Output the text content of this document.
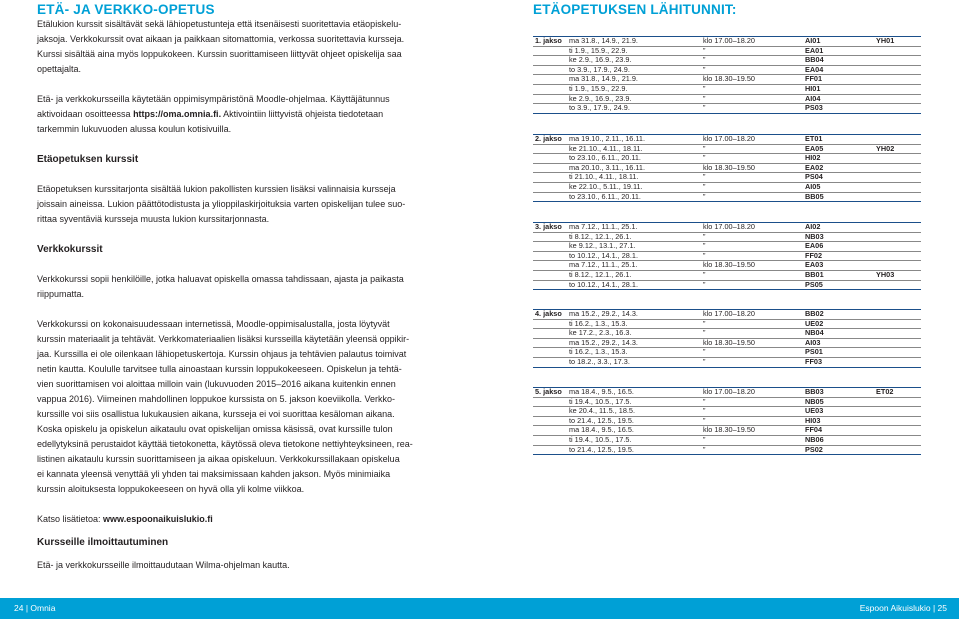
ETÄ- JA VERKKO-OPETUS

Etälukion kurssit sisältävät sekä lähiopetustunteja että itsenäisesti suoritettavia etäopiskelu-
jaksoja. Verkkokurssit ovat aikaan ja paikkaan sitomattomia, verkossa suoritettavia kursseja.
Kurssi sisältää aina myös loppukokeen. Kurssin suorittamiseen liittyvät ohjeet opiskelija saa
opettajalta.

Etä- ja verkkokursseilla käytetään oppimisympäristönä Moodle-ohjelmaa. Käyttäjätunnus
aktivoidaan osoitteessa https://oma.omnia.fi. Aktivointiin liittyvistä ohjeista tiedotetaan
tarkemmin lukuvuoden alussa koulun kotisivuilla.

Etäopetuksen kurssit

Etäopetuksen kurssitarjonta sisältää lukion pakollisten kurssien lisäksi valinnaisia kursseja
joissain aineissa. Lukion päättötodistusta ja ylioppilaskirjoituksia varten opiskelijan tulee suo-
rittaa syventäviä kursseja muusta lukion kurssitarjonnasta.

Verkkokurssit

Verkkokurssi sopii henkilöille, jotka haluavat opiskella omassa tahdissaan, ajasta ja paikasta
riippumatta.

Verkkokurssi on kokonaisuudessaan internetissä, Moodle-oppimisalustalla, josta löytyvät
kurssin materiaalit ja tehtävät. Verkkomateriaalien lisäksi kursseilla käytetään yleensä oppikir-
jaa. Kurssilla ei ole oilenkaan lähiopetuskertoja. Kurssin ohjaus ja tehtävien palautus toimivat
netin kautta. Koululle tarvitsee tulla ainoastaan kurssin loppukokeeseen. Opiskelun ja tehtä-
vien suorittamisen voi aloittaa milloin vain (lukuvuoden 2015–2016 aikana kuitenkin ennen
vappua 2016). Viimeinen mahdollinen loppukoe kurssista on 5. jakson koeviikolla. Verkko-
kurssille voi siis osallistua lukukausien aikana, kursseja ei voi suorittaa kesäloman aikana.
Koska opiskelu ja opiskelun aikataulu ovat opiskelijan omissa käsissä, ovat kurssille tulon
edellytyksinä perustaidot käyttää tietokonetta, käytössä oleva tietokone nettiyhteyksineen, rea-
listinen aikataulu kurssin suorittamiseen ja aikaa opiskeluun. Verkkokurssillakaan opiskelua
ei kannata yleensä venyttää yli yhden tai maksimissaan kahden jakson. Myös minimiaika
kurssin aloituksesta loppukokeeseen on hyvä olla yli kolme viikkoa.

Katso lisätietoa: www.espoonaikuislukio.fi

Kursseille ilmoittautuminen

Etä- ja verkkokursseille ilmoittaudutaan Wilma-ohjelman kautta.

ETÄOPETUKSEN LÄHITUNNIT:
1. jakso ma 31.8., 14.9., 21.9.	klo 17.00–18.20	AI01	YH01
ti 1.9., 15.9., 22.9.	”	EA01
ke 2.9., 16.9., 23.9.	”	BB04
to 3.9., 17.9., 24.9.	”	EA04
ma 31.8., 14.9., 21.9.	klo 18.30–19.50	FF01
ti 1.9., 15.9., 22.9.	”	HI01
ke 2.9., 16.9., 23.9.	”	AI04
to 3.9., 17.9., 24.9.	”	PS03
2. jakso ma 19.10., 2.11., 16.11.	klo 17.00–18.20	ET01
ke 21.10., 4.11., 18.11.	”	EA05	YH02
to 23.10., 6.11., 20.11.	”	HI02
ma 20.10., 3.11., 16.11.	klo 18.30–19.50	EA02
ti 21.10., 4.11., 18.11.	”	PS04
ke 22.10., 5.11., 19.11.	”	AI05
to 23.10., 6.11., 20.11.	”	BB05
3. jakso ma 7.12., 11.1., 25.1.	klo 17.00–18.20	AI02
ti 8.12., 12.1., 26.1.	”	NB03
ke 9.12., 13.1., 27.1.	”	EA06
to 10.12., 14.1., 28.1.	”	FF02
ma 7.12., 11.1., 25.1.	klo 18.30–19.50	EA03
ti 8.12., 12.1., 26.1.	”	BB01	YH03
to 10.12., 14.1., 28.1.	”	PS05
4. jakso ma 15.2., 29.2., 14.3.	klo 17.00–18.20	BB02
ti 16.2., 1.3., 15.3.	”	UE02
ke 17.2., 2.3., 16.3.	”	NB04
ma 15.2., 29.2., 14.3.	klo 18.30–19.50	AI03
ti 16.2., 1.3., 15.3.	”	PS01
to 18.2., 3.3., 17.3.	”	FF03
5. jakso ma 18.4., 9.5., 16.5.	klo 17.00–18.20	BB03	ET02
ti 19.4., 10.5., 17.5.	”	NB05
ke 20.4., 11.5., 18.5.	”	UE03
to 21.4., 12.5., 19.5.	”	HI03
ma 18.4., 9.5., 16.5.	klo 18.30–19.50	FF04
ti 19.4., 10.5., 17.5.	”	NB06
to 21.4., 12.5., 19.5.	”	PS02
24 | Omnia	Espoon Aikuislukio | 25
